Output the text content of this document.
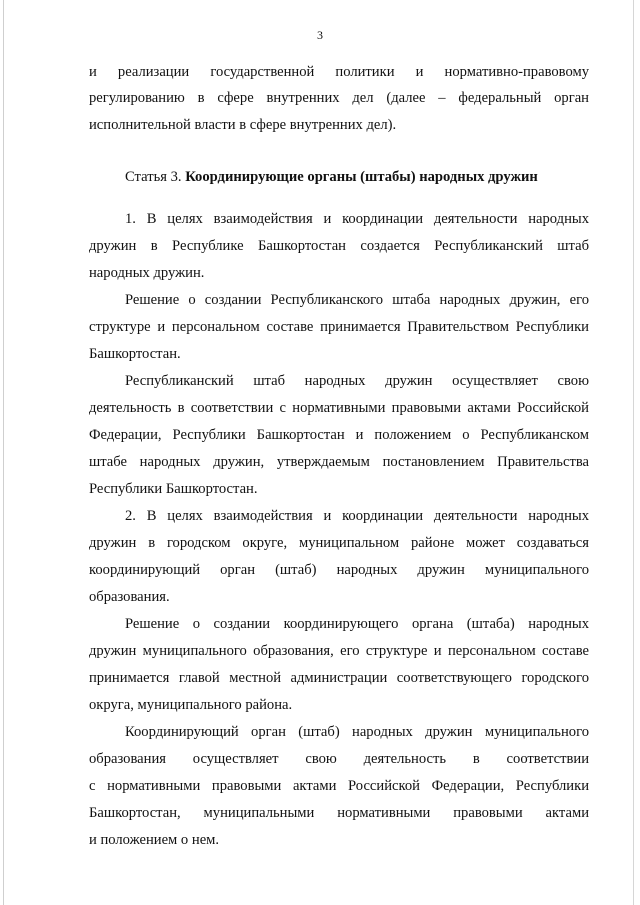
3
и реализации государственной политики и нормативно-правовому
регулированию в сфере внутренних дел (далее – федеральный орган
исполнительной власти в сфере внутренних дел).
Статья 3. Координирующие органы (штабы) народных дружин
1. В целях взаимодействия и координации деятельности народных
дружин в Республике Башкортостан создается Республиканский штаб
народных дружин.
Решение о создании Республиканского штаба народных дружин, его
структуре и персональном составе принимается Правительством Республики
Башкортостан.
Республиканский штаб народных дружин осуществляет свою
деятельность в соответствии с нормативными правовыми актами Российской
Федерации, Республики Башкортостан и положением о Республиканском
штабе народных дружин, утверждаемым постановлением Правительства
Республики Башкортостан.
2. В целях взаимодействия и координации деятельности народных
дружин в городском округе, муниципальном районе может создаваться
координирующий орган (штаб) народных дружин муниципального
образования.
Решение о создании координирующего органа (штаба) народных
дружин муниципального образования, его структуре и персональном составе
принимается главой местной администрации соответствующего городского
округа, муниципального района.
Координирующий орган (штаб) народных дружин муниципального
образования осуществляет свою деятельность в соответствии
с нормативными правовыми актами Российской Федерации, Республики
Башкортостан, муниципальными нормативными правовыми актами
и положением о нем.
